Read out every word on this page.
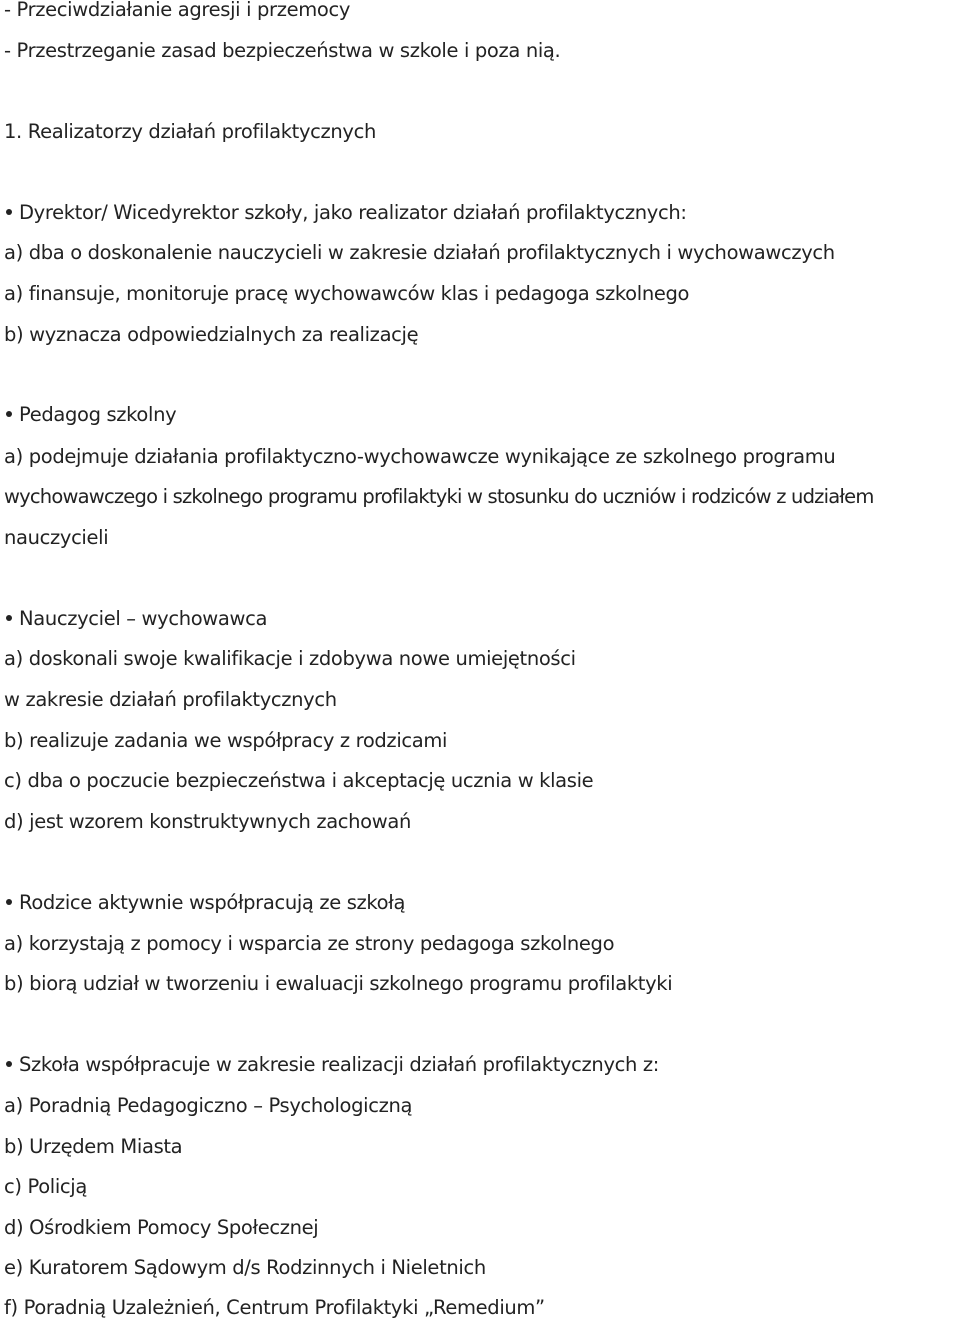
- Przeciwdziałanie agresji i przemocy
- Przestrzeganie zasad bezpieczeństwa w szkole i poza nią.
1. Realizatorzy działań profilaktycznych
Dyrektor/ Wicedyrektor szkoły, jako realizator działań profilaktycznych:
a) dba o doskonalenie nauczycieli w zakresie działań profilaktycznych i wychowawczych
a) finansuje, monitoruje pracę wychowawców klas i pedagoga szkolnego
b) wyznacza odpowiedzialnych za realizację
Pedagog szkolny
a) podejmuje działania profilaktyczno-wychowawcze wynikające ze szkolnego programu
wychowawczego i szkolnego programu profilaktyki w stosunku do uczniów i rodziców z udziałem
nauczycieli
Nauczyciel – wychowawca
a) doskonali swoje kwalifikacje i zdobywa nowe umiejętności
w zakresie działań profilaktycznych
b) realizuje zadania we współpracy z rodzicami
c) dba o poczucie bezpieczeństwa i akceptację ucznia w klasie
d) jest wzorem konstruktywnych zachowań
Rodzice aktywnie współpracują ze szkołą
a) korzystają z pomocy i wsparcia ze strony pedagoga szkolnego
b) biorą udział w tworzeniu i ewaluacji szkolnego programu profilaktyki
Szkoła współpracuje w zakresie realizacji działań profilaktycznych z:
a) Poradnią Pedagogiczno – Psychologiczną
b) Urzędem Miasta
c) Policją
d) Ośrodkiem Pomocy Społecznej
e) Kuratorem Sądowym d/s Rodzinnych i Nieletnich
f) Poradnią Uzależnień, Centrum Profilaktyki „Remedium”
